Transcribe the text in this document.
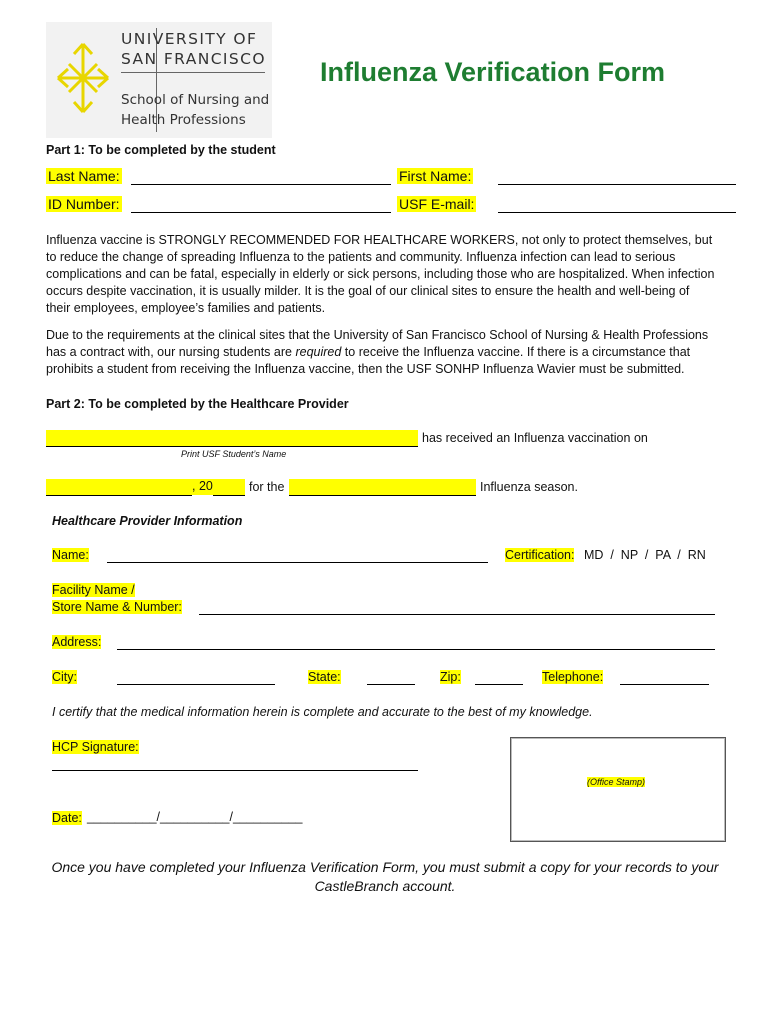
UNIVERSITY OF
SAN FRANCISCO
School of Nursing and
Health Professions
Influenza Verification Form
Part 1: To be completed by the student
Last Name:	First Name:
ID Number:	USF E-mail:
Influenza vaccine is STRONGLY RECOMMENDED FOR HEALTHCARE WORKERS, not only to protect themselves, but to reduce the change of spreading Influenza to the patients and community. Influenza infection can lead to serious complications and can be fatal, especially in elderly or sick persons, including those who are hospitalized. When infection occurs despite vaccination, it is usually milder. It is the goal of our clinical sites to ensure the health and well-being of their employees, employee’s families and patients.
Due to the requirements at the clinical sites that the University of San Francisco School of Nursing & Health Professions has a contract with, our nursing students are required to receive the Influenza vaccine. If there is a circumstance that prohibits a student from receiving the Influenza vaccine, then the USF SONHP Influenza Wavier must be submitted.
Part 2: To be completed by the Healthcare Provider
has received an Influenza vaccination on
Print USF Student’s Name
, 20	for the	Influenza season.
Healthcare Provider Information
Name:	Certification: MD  /  NP  /  PA  /  RN
Facility Name /
Store Name & Number:
Address:
City:	State:	Zip:	Telephone:
I certify that the medical information herein is complete and accurate to the best of my knowledge.
HCP Signature:
(Office Stamp)
Date: __________/__________/__________
Once you have completed your Influenza Verification Form, you must submit a copy for your records to your
CastleBranch account.
